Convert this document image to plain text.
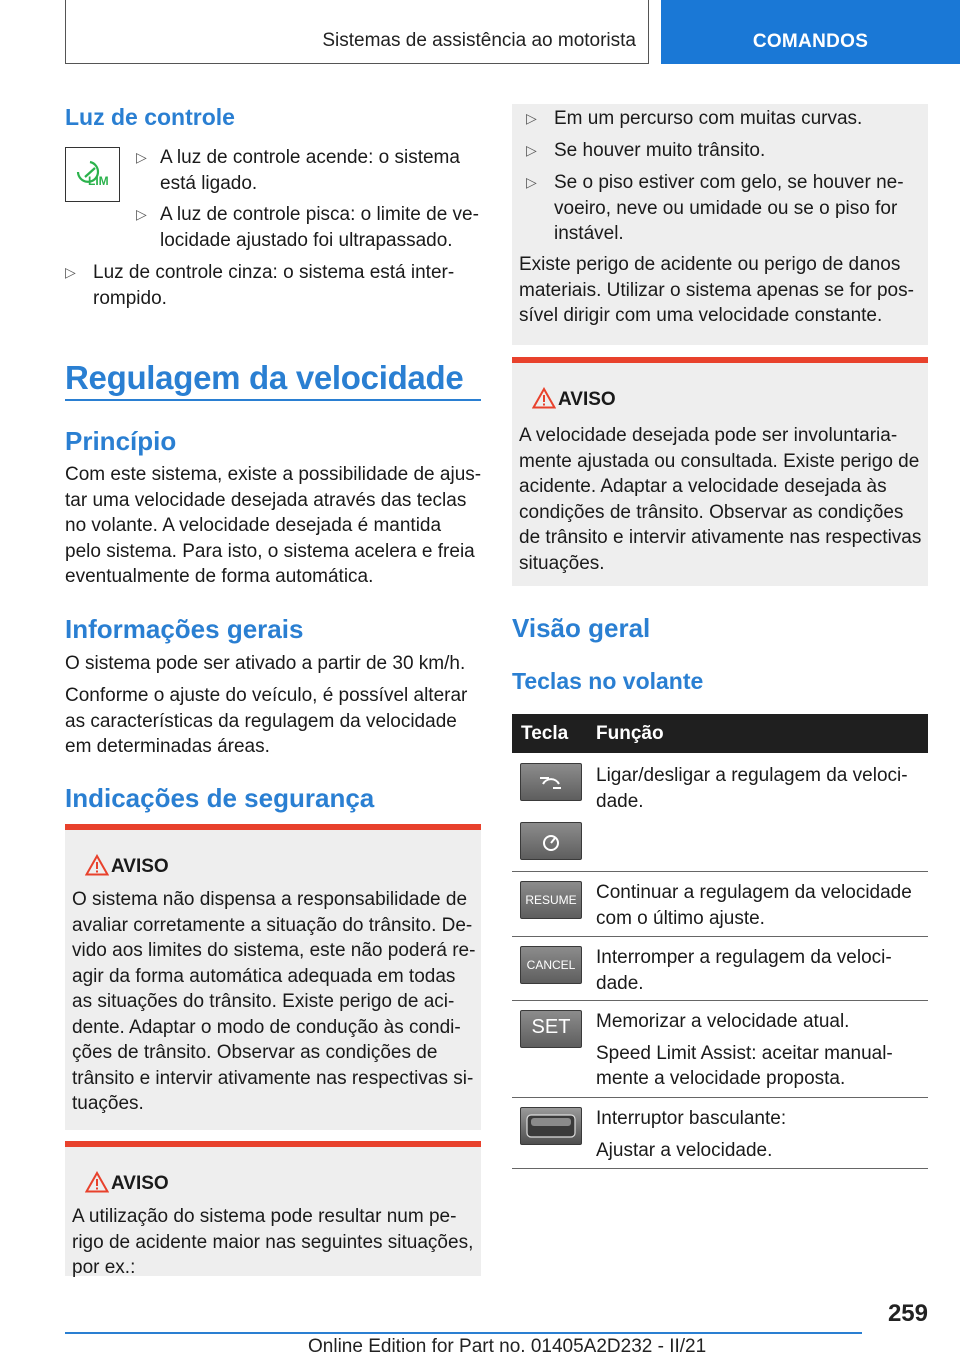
Sistemas de assistência ao motorista	COMANDOS
Luz de controle
LIM
▷ A luz de controle acende: o sistema
está ligado.
▷ A luz de controle pisca: o limite de ve-
locidade ajustado foi ultrapassado.
▷ Luz de controle cinza: o sistema está inter-
rompido.
Regulagem da velocidade
Princípio
Com este sistema, existe a possibilidade de ajus-
tar uma velocidade desejada através das teclas
no volante. A velocidade desejada é mantida
pelo sistema. Para isto, o sistema acelera e freia
eventualmente de forma automática.
Informações gerais
O sistema pode ser ativado a partir de 30 km/h.
Conforme o ajuste do veículo, é possível alterar
as características da regulagem da velocidade
em determinadas áreas.
Indicações de segurança
AVISO
O sistema não dispensa a responsabilidade de
avaliar corretamente a situação do trânsito. De-
vido aos limites do sistema, este não poderá re-
agir da forma automática adequada em todas
as situações do trânsito. Existe perigo de aci-
dente. Adaptar o modo de condução às condi-
ções de trânsito. Observar as condições de
trânsito e intervir ativamente nas respectivas si-
tuações.
AVISO
A utilização do sistema pode resultar num pe-
rigo de acidente maior nas seguintes situações,
por ex.:
▷ Em um percurso com muitas curvas.
▷ Se houver muito trânsito.
▷ Se o piso estiver com gelo, se houver ne-
voeiro, neve ou umidade ou se o piso for
instável.
Existe perigo de acidente ou perigo de danos
materiais. Utilizar o sistema apenas se for pos-
sível dirigir com uma velocidade constante.
AVISO
A velocidade desejada pode ser involuntaria-
mente ajustada ou consultada. Existe perigo de
acidente. Adaptar a velocidade desejada às
condições de trânsito. Observar as condições
de trânsito e intervir ativamente nas respectivas
situações.
Visão geral
Teclas no volante
Tecla Função
Ligar/desligar a regulagem da veloci-
dade.
RESUME Continuar a regulagem da velocidade
com o último ajuste.
CANCEL Interromper a regulagem da veloci-
dade.
SET	Memorizar a velocidade atual.
Speed Limit Assist: aceitar manual-
mente a velocidade proposta.
Interruptor basculante:
Ajustar a velocidade.
259
Online Edition for Part no. 01405A2D232 - II/21
